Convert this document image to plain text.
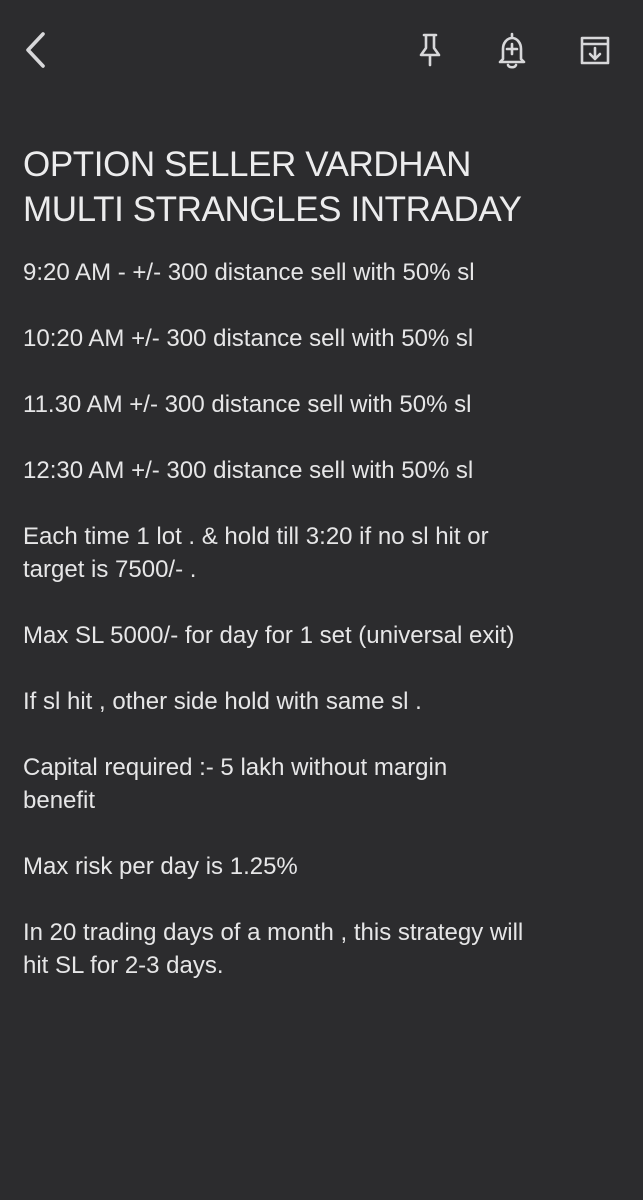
OPTION SELLER VARDHAN
MULTI STRANGLES INTRADAY

9:20 AM - +/- 300 distance sell with 50% sl

10:20 AM +/- 300 distance sell with 50% sl

11.30 AM +/- 300 distance sell with 50% sl

12:30 AM +/- 300 distance sell with 50% sl

Each time 1 lot . & hold till 3:20 if no sl hit or
target is 7500/- .

Max SL 5000/- for day for 1 set (universal exit)

If sl hit , other side hold with same sl .

Capital required :- 5 lakh without margin
benefit

Max risk per day is 1.25%

In 20 trading days of a month , this strategy will
hit SL for 2-3 days.
